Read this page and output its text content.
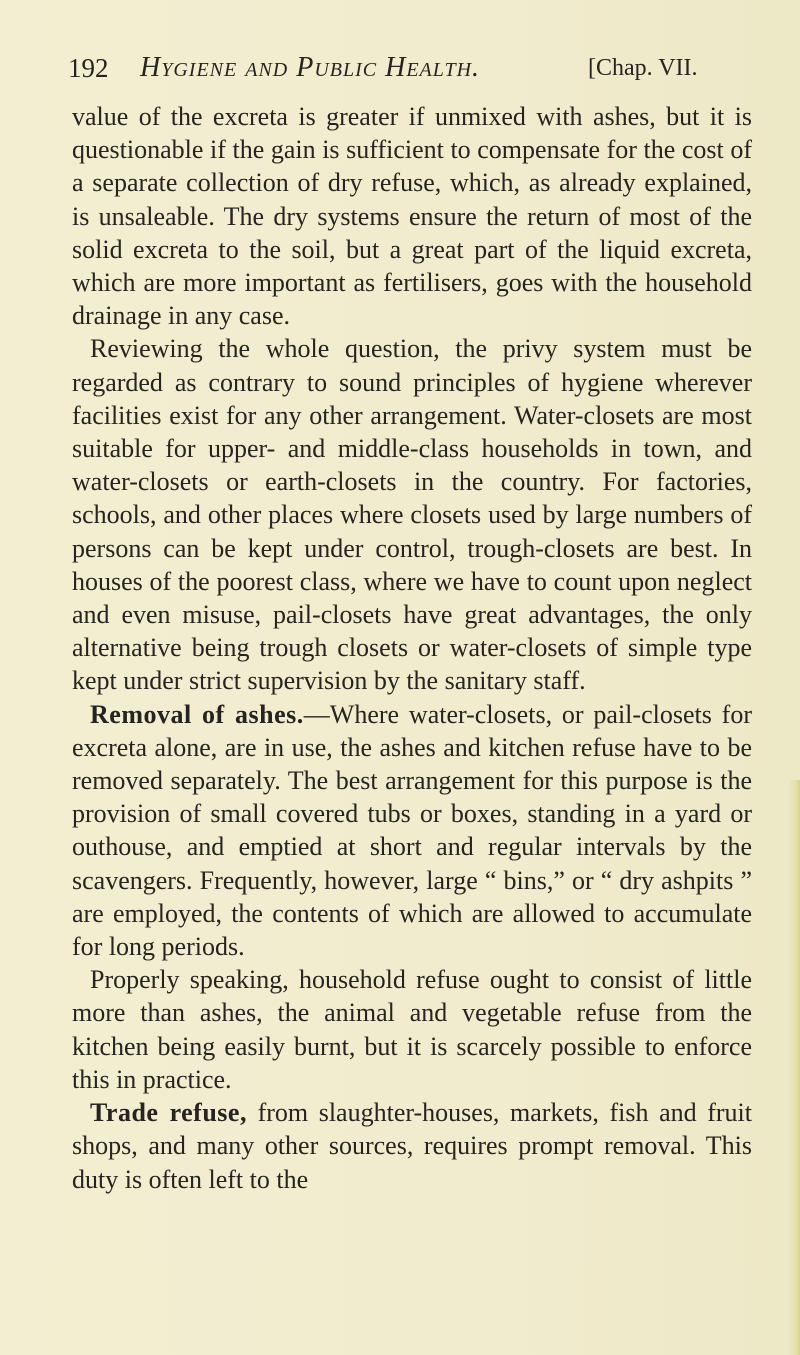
192 Hygiene and Public Health.	[Chap. VII.

value of the excreta is greater if unmixed with ashes, but it is questionable if the gain is sufficient to compensate for the cost of a separate collection of dry refuse, which, as already explained, is unsaleable. The dry systems ensure the return of most of the solid excreta to the soil, but a great part of the liquid excreta, which are more important as fertilisers, goes with the household drainage in any case.

Reviewing the whole question, the privy system must be regarded as contrary to sound principles of hygiene wherever facilities exist for any other arrangement. Water-closets are most suitable for upper- and middle-class households in town, and water-closets or earth-closets in the country. For factories, schools, and other places where closets used by large numbers of persons can be kept under control, trough-closets are best. In houses of the poorest class, where we have to count upon neglect and even misuse, pail-closets have great advantages, the only alternative being trough closets or water-closets of simple type kept under strict supervision by the sanitary staff.

Removal of ashes.—Where water-closets, or pail-closets for excreta alone, are in use, the ashes and kitchen refuse have to be removed separately. The best arrangement for this purpose is the provision of small covered tubs or boxes, standing in a yard or outhouse, and emptied at short and regular intervals by the scavengers. Frequently, however, large “ bins,” or “ dry ashpits ” are employed, the contents of which are allowed to accumulate for long periods.

Properly speaking, household refuse ought to consist of little more than ashes, the animal and vegetable refuse from the kitchen being easily burnt, but it is scarcely possible to enforce this in practice.

Trade refuse, from slaughter-houses, markets, fish and fruit shops, and many other sources, requires prompt removal. This duty is often left to the
